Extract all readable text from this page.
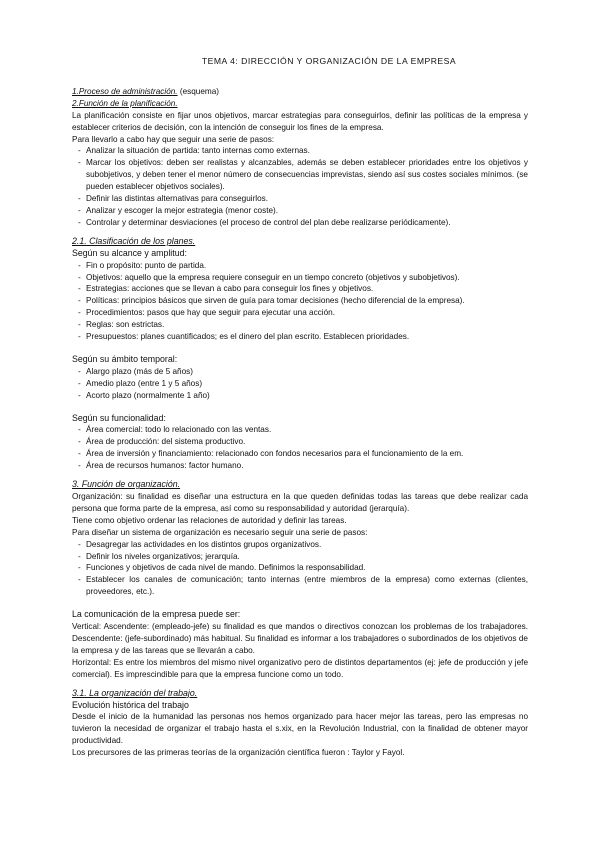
TEMA 4: DIRECCIÓN Y ORGANIZACIÓN DE LA EMPRESA

1.Proceso de administración. (esquema)

2.Función de la planificación.

La planificación consiste en fijar unos objetivos, marcar estrategias para conseguirlos, definir las políticas de la empresa y establecer criterios de decisión, con la intención de conseguir los fines de la empresa.

Para llevarlo a cabo hay que seguir una serie de pasos:

- Analizar la situación de partida: tanto internas como externas.
- Marcar los objetivos: deben ser realistas y alcanzables, además se deben establecer prioridades entre los objetivos y subobjetivos, y deben tener el menor número de consecuencias imprevistas, siendo así sus costes sociales mínimos. (se pueden establecer objetivos sociales).
- Definir las distintas alternativas para conseguirlos.
- Analizar y escoger la mejor estrategia (menor coste).
- Controlar y determinar desviaciones (el proceso de control del plan debe realizarse periódicamente).

2.1. Clasificación de los planes.

Según su alcance y amplitud:

- Fin o propósito: punto de partida.
- Objetivos: aquello que la empresa requiere conseguir en un tiempo concreto (objetivos y subobjetivos).
- Estrategias: acciones que se llevan a cabo para conseguir los fines y objetivos.
- Políticas: principios básicos que sirven de guía para tomar decisiones (hecho diferencial de la empresa).
- Procedimientos: pasos que hay que seguir para ejecutar una acción.
- Reglas: son estrictas.
- Presupuestos: planes cuantificados; es el dinero del plan escrito. Establecen prioridades.

Según su ámbito temporal:

- Alargo plazo (más de 5 años)
- Amedio plazo (entre 1 y 5 años)
- Acorto plazo (normalmente 1 año)

Según su funcionalidad:

- Área comercial: todo lo relacionado con las ventas.
- Área de producción: del sistema productivo.
- Área de inversión y financiamiento: relacionado con fondos necesarios para el funcionamiento de la em.
- Área de recursos humanos: factor humano.

3. Función de organización.

Organización: su finalidad es diseñar una estructura en la que queden definidas todas las tareas que debe realizar cada persona que forma parte de la empresa, así como su responsabilidad y autoridad (jerarquía).

Tiene como objetivo ordenar las relaciones de autoridad y definir las tareas.

Para diseñar un sistema de organización es necesario seguir una serie de pasos:

- Desagregar las actividades en los distintos grupos organizativos.
- Definir los niveles organizativos; jerarquía.
- Funciones y objetivos de cada nivel de mando. Definimos la responsabilidad.
- Establecer los canales de comunicación; tanto internas (entre miembros de la empresa) como externas (clientes, proveedores, etc.).

La comunicación de la empresa puede ser:

Vertical: Ascendente: (empleado-jefe) su finalidad es que mandos o directivos conozcan los problemas de los trabajadores. Descendente: (jefe-subordinado) más habitual. Su finalidad es informar a los trabajadores o subordinados de los objetivos de la empresa y de las tareas que se llevarán a cabo.

Horizontal: Es entre los miembros del mismo nivel organizativo pero de distintos departamentos (ej: jefe de producción y jefe comercial). Es imprescindible para que la empresa funcione como un todo.

3.1. La organización del trabajo.

Evolución histórica del trabajo

Desde el inicio de la humanidad las personas nos hemos organizado para hacer mejor las tareas, pero las empresas no tuvieron la necesidad de organizar el trabajo hasta el s.xix, en la Revolución Industrial, con la finalidad de obtener mayor productividad.

Los precursores de las primeras teorías de la organización científica fueron : Taylor y Fayol.
